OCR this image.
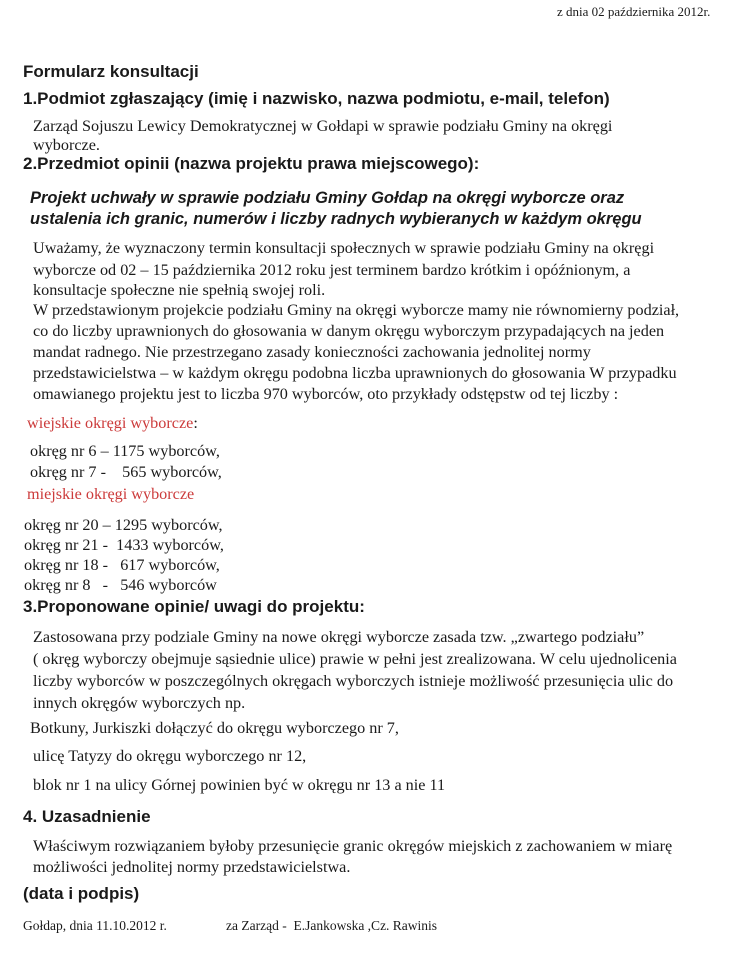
z dnia 02 października 2012r.

Formularz konsultacji

1.Podmiot zgłaszający (imię i nazwisko, nazwa podmiotu, e-mail, telefon)

Zarząd Sojuszu Lewicy Demokratycznej w Gołdapi w sprawie podziału Gminy na okręgi

wyborcze.

2.Przedmiot opinii (nazwa projektu prawa miejscowego):

Projekt uchwały w sprawie podziału Gminy Gołdap na okręgi wyborcze oraz

ustalenia ich granic, numerów i liczby radnych wybieranych w każdym okręgu

Uważamy, że wyznaczony termin konsultacji społecznych w sprawie podziału Gminy na okręgi

wyborcze od 02 – 15 października 2012 roku jest terminem bardzo krótkim i opóźnionym, a

konsultacje społeczne nie spełnią swojej roli.

W przedstawionym projekcie podziału Gminy na okręgi wyborcze mamy nie równomierny podział,

co do liczby uprawnionych do głosowania w danym okręgu wyborczym przypadających na jeden

mandat radnego. Nie przestrzegano zasady konieczności zachowania jednolitej normy

przedstawicielstwa – w każdym okręgu podobna liczba uprawnionych do głosowania W przypadku

omawianego projektu jest to liczba 970 wyborców, oto przykłady odstępstw od tej liczby :

wiejskie okręgi wyborcze:

okręg nr 6 – 1175 wyborców,

okręg nr 7 -    565 wyborców,

miejskie okręgi wyborcze

okręg nr 20 – 1295 wyborców,

okręg nr 21 -  1433 wyborców,

okręg nr 18 -   617 wyborców,

okręg nr 8   -   546 wyborców

3.Proponowane opinie/ uwagi do projektu:

Zastosowana przy podziale Gminy na nowe okręgi wyborcze zasada tzw. „zwartego podziału”

( okręg wyborczy obejmuje sąsiednie ulice) prawie w pełni jest zrealizowana. W celu ujednolicenia

liczby wyborców w poszczególnych okręgach wyborczych istnieje możliwość przesunięcia ulic do

innych okręgów wyborczych np.

Botkuny, Jurkiszki dołączyć do okręgu wyborczego nr 7,

ulicę Tatyzy do okręgu wyborczego nr 12,

blok nr 1 na ulicy Górnej powinien być w okręgu nr 13 a nie 11

4. Uzasadnienie

Właściwym rozwiązaniem byłoby przesunięcie granic okręgów miejskich z zachowaniem w miarę

możliwości jednolitej normy przedstawicielstwa.

(data i podpis)

Gołdap, dnia 11.10.2012 r.	za Zarząd -  E.Jankowska ,Cz. Rawinis
